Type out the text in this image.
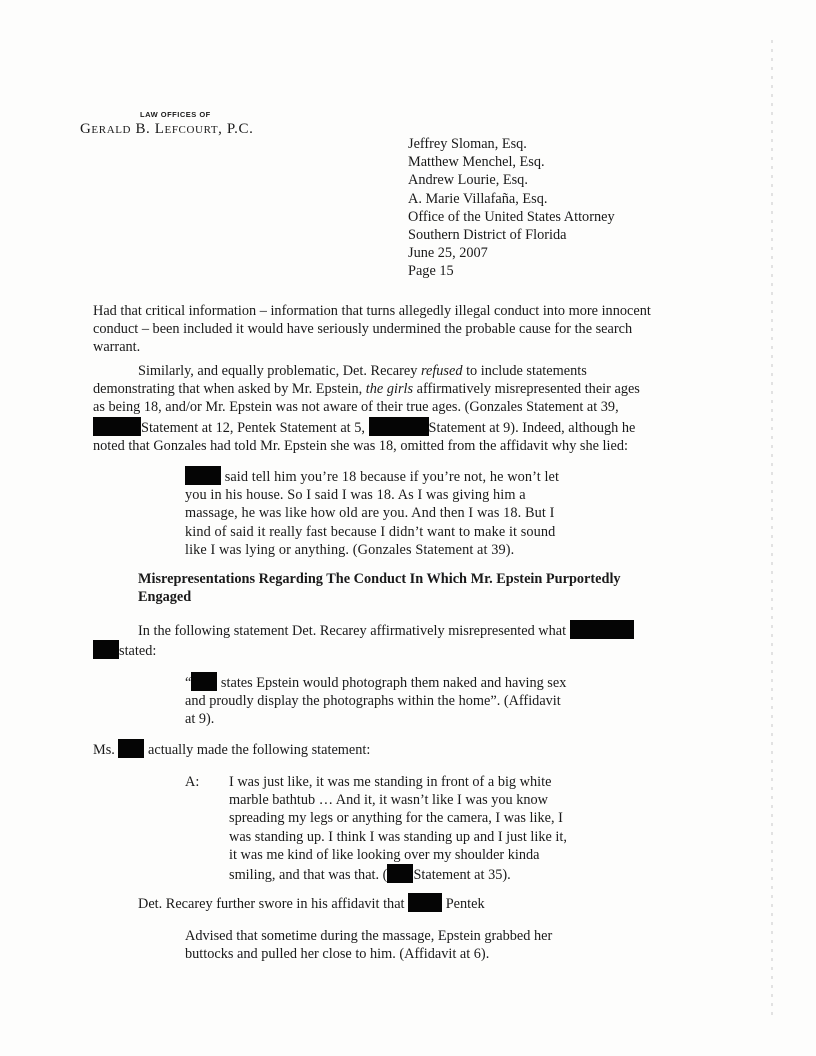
LAW OFFICES OF
Gerald B. Lefcourt, P.C.
Jeffrey Sloman, Esq.
Matthew Menchel, Esq.
Andrew Lourie, Esq.
A. Marie Villafaña, Esq.
Office of the United States Attorney
Southern District of Florida
June 25, 2007
Page 15
Had that critical information – information that turns allegedly illegal conduct into more innocent
conduct – been included it would have seriously undermined the probable cause for the search
warrant.
Similarly, and equally problematic, Det. Recarey refused to include statements
demonstrating that when asked by Mr. Epstein, the girls affirmatively misrepresented their ages
as being 18, and/or Mr. Epstein was not aware of their true ages. (Gonzales Statement at 39,
Statement at 12, Pentek Statement at 5,	Statement at 9). Indeed, although he
noted that Gonzales had told Mr. Epstein she was 18, omitted from the affidavit why she lied:
said tell him you’re 18 because if you’re not, he won’t let
you in his house. So I said I was 18. As I was giving him a
massage, he was like how old are you. And then I was 18. But I
kind of said it really fast because I didn’t want to make it sound
like I was lying or anything. (Gonzales Statement at 39).
Misrepresentations Regarding The Conduct In Which Mr. Epstein Purportedly
Engaged
In the following statement Det. Recarey affirmatively misrepresented what
stated:
“ states Epstein would photograph them naked and having sex
and proudly display the photographs within the home”. (Affidavit
at 9).
Ms. actually made the following statement:
A: I was just like, it was me standing in front of a big white
marble bathtub … And it, it wasn’t like I was you know
spreading my legs or anything for the camera, I was like, I
was standing up. I think I was standing up and I just like it,
it was me kind of like looking over my shoulder kinda
smiling, and that was that. ( Statement at 35).
Det. Recarey further swore in his affidavit that	Pentek
Advised that sometime during the massage, Epstein grabbed her
buttocks and pulled her close to him. (Affidavit at 6).
